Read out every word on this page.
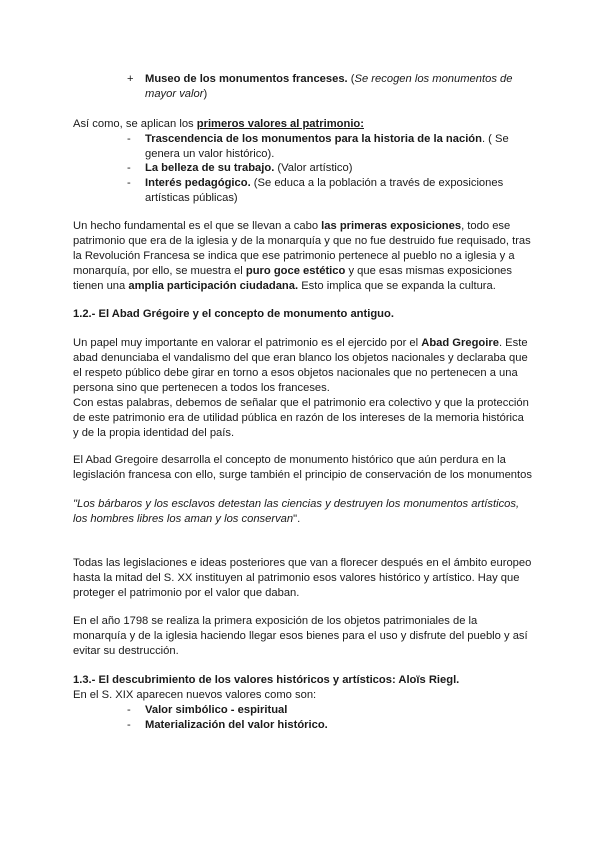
+ Museo de los monumentos franceses. (Se recogen los monumentos de
mayor valor)
Así como, se aplican los primeros valores al patrimonio:
- Trascendencia de los monumentos para la historia de la nación. ( Se
genera un valor histórico).
- La belleza de su trabajo. (Valor artístico)
- Interés pedagógico. (Se educa a la población a través de exposiciones
artísticas públicas)
Un hecho fundamental es el que se llevan a cabo las primeras exposiciones, todo ese
patrimonio que era de la iglesia y de la monarquía y que no fue destruido fue requisado, tras
la Revolución Francesa se indica que ese patrimonio pertenece al pueblo no a iglesia y a
monarquía, por ello, se muestra el puro goce estético y que esas mismas exposiciones
tienen una amplia participación ciudadana. Esto implica que se expanda la cultura.
1.2.- El Abad Grégoire y el concepto de monumento antiguo.
Un papel muy importante en valorar el patrimonio es el ejercido por el Abad Gregoire. Este
abad denunciaba el vandalismo del que eran blanco los objetos nacionales y declaraba que
el respeto público debe girar en torno a esos objetos nacionales que no pertenecen a una
persona sino que pertenecen a todos los franceses.
Con estas palabras, debemos de señalar que el patrimonio era colectivo y que la protección
de este patrimonio era de utilidad pública en razón de los intereses de la memoria histórica
y de la propia identidad del país.
El Abad Gregoire desarrolla el concepto de monumento histórico que aún perdura en la
legislación francesa con ello, surge también el principio de conservación de los monumentos
"Los bárbaros y los esclavos detestan las ciencias y destruyen los monumentos artísticos,
los hombres libres los aman y los conservan".
Todas las legislaciones e ideas posteriores que van a florecer después en el ámbito europeo
hasta la mitad del S. XX instituyen al patrimonio esos valores histórico y artístico. Hay que
proteger el patrimonio por el valor que daban.
En el año 1798 se realiza la primera exposición de los objetos patrimoniales de la
monarquía y de la iglesia haciendo llegar esos bienes para el uso y disfrute del pueblo y así
evitar su destrucción.
1.3.- El descubrimiento de los valores históricos y artísticos: Aloïs Riegl.
En el S. XIX aparecen nuevos valores como son:
- Valor simbólico - espiritual
- Materialización del valor histórico.
